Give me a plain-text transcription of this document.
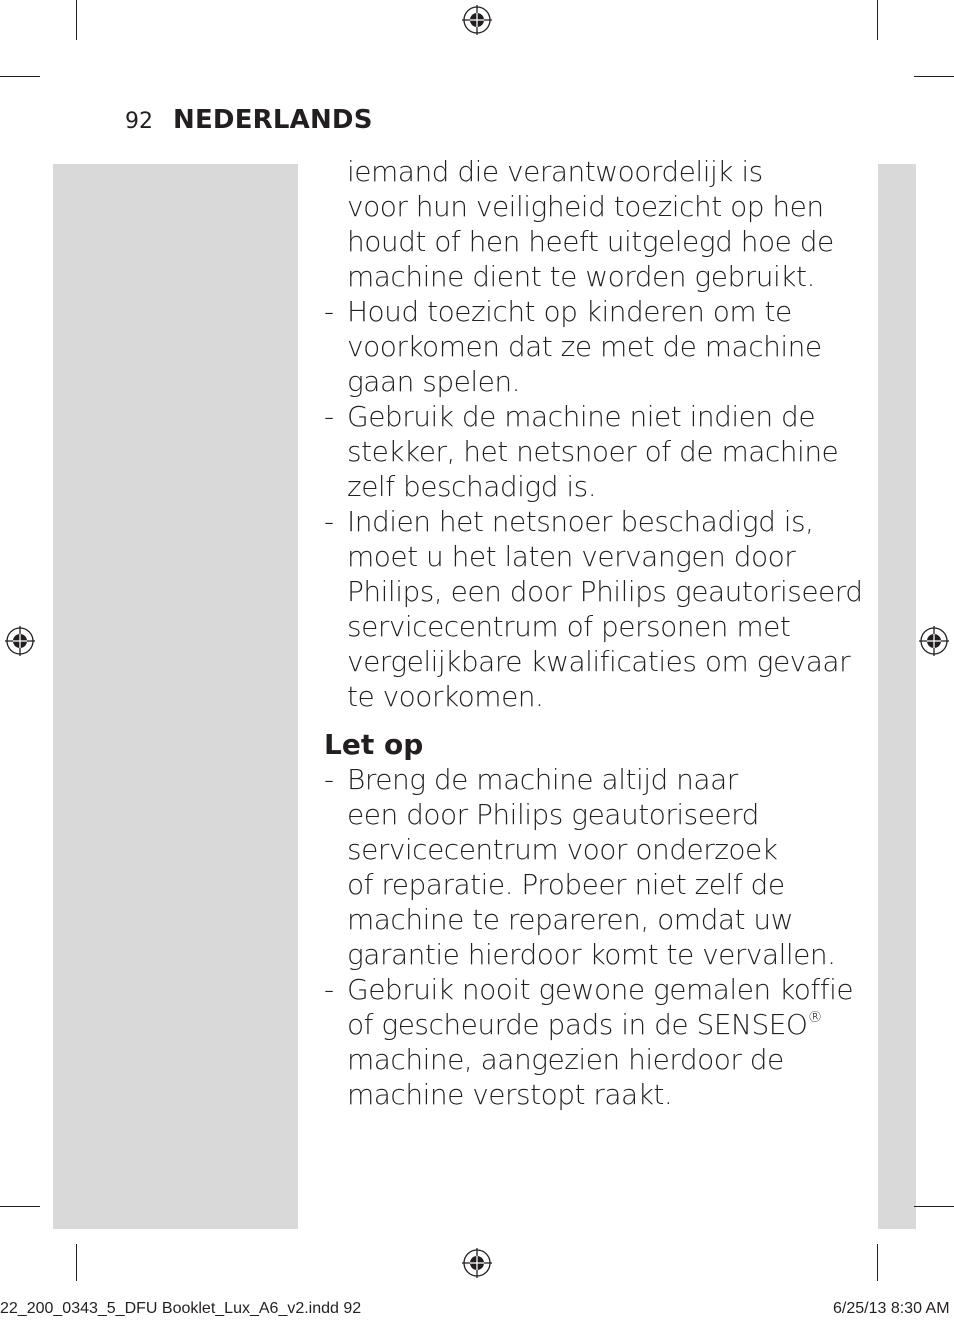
92 NEDERLANDS
iemand die verantwoordelijk is
voor hun veiligheid toezicht op hen
houdt of hen heeft uitgelegd hoe de
machine dient te worden gebruikt.
- Houd toezicht op kinderen om te
voorkomen dat ze met de machine
gaan spelen.
- Gebruik de machine niet indien de
stekker, het netsnoer of de machine
zelf beschadigd is.
- Indien het netsnoer beschadigd is,
moet u het laten vervangen door
Philips, een door Philips geautoriseerd
servicecentrum of personen met
vergelijkbare kwalificaties om gevaar
te voorkomen.
Let op
- Breng de machine altijd naar
een door Philips geautoriseerd
servicecentrum voor onderzoek
of reparatie. Probeer niet zelf de
machine te repareren, omdat uw
garantie hierdoor komt te vervallen.
- Gebruik nooit gewone gemalen koffie
of gescheurde pads in de SENSEO®
machine, aangezien hierdoor de
machine verstopt raakt.
22_200_0343_5_DFU Booklet_Lux_A6_v2.indd 92	6/25/13 8:30 AM
